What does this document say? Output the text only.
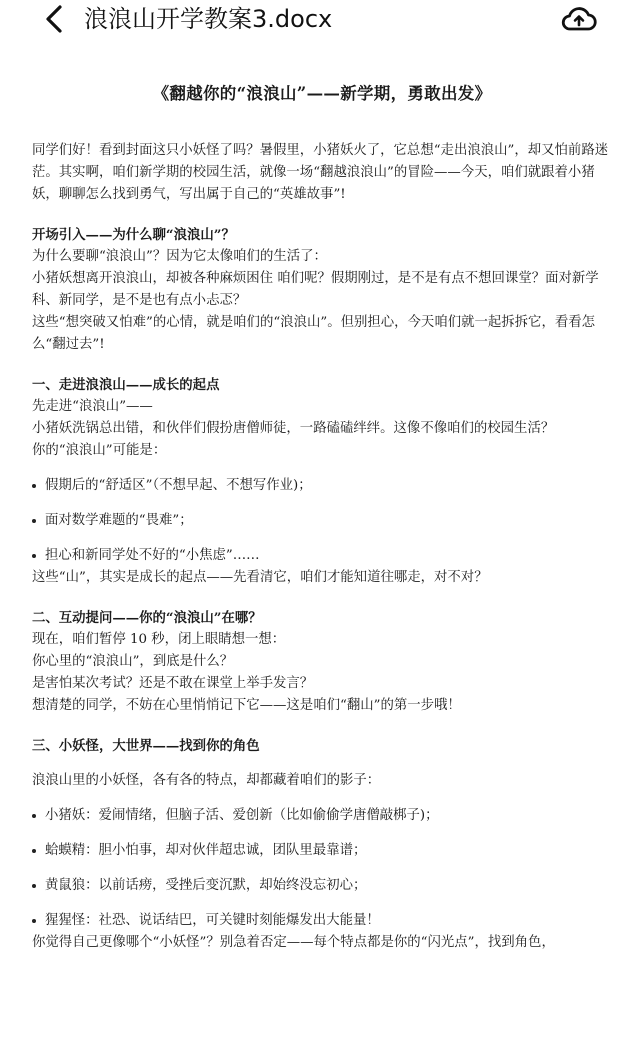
浪浪山开学教案3.docx
《翻越你的“浪浪山”——新学期，勇敢出发》

同学们好！看到封面这只小妖怪了吗？暑假里，小猪妖火了，它总想“走出浪浪山”，却又怕前路迷茫。其实啊，咱们新学期的校园生活，就像一场“翻越浪浪山”的冒险——今天，咱们就跟着小猪妖，聊聊怎么找到勇气，写出属于自己的“英雄故事”!

开场引入——为什么聊“浪浪山”？

为什么要聊“浪浪山”？因为它太像咱们的生活了：

小猪妖想离开浪浪山，却被各种麻烦困住 咱们呢？假期刚过，是不是有点不想回课堂？面对新学科、新同学，是不是也有点小忐忑？

这些“想突破又怕难”的心情，就是咱们的“浪浪山”。但别担心，今天咱们就一起拆拆它，看看怎么“翻过去”!

一、走进浪浪山——成长的起点

先走进“浪浪山”——

小猪妖洗锅总出错，和伙伴们假扮唐僧师徒，一路磕磕绊绊。这像不像咱们的校园生活？

你的“浪浪山”可能是：

假期后的“舒适区”（不想早起、不想写作业)；

面对数学难题的“畏难”；

担心和新同学处不好的“小焦虑”……

这些“山”，其实是成长的起点——先看清它，咱们才能知道往哪走，对不对？

二、互动提问——你的“浪浪山”在哪？

现在，咱们暂停 10 秒，闭上眼睛想一想：

你心里的“浪浪山”，到底是什么？

是害怕某次考试？还是不敢在课堂上举手发言？

想清楚的同学，不妨在心里悄悄记下它——这是咱们“翻山”的第一步哦！

三、小妖怪，大世界——找到你的角色

浪浪山里的小妖怪，各有各的特点，却都藏着咱们的影子：

小猪妖：爱闹情绪，但脑子活、爱创新（比如偷偷学唐僧敲梆子)；

蛤蟆精：胆小怕事，却对伙伴超忠诚，团队里最靠谱；

黄鼠狼：以前话痨，受挫后变沉默，却始终没忘初心；

猩猩怪：社恐、说话结巴，可关键时刻能爆发出大能量！

你觉得自己更像哪个“小妖怪”？别急着否定——每个特点都是你的“闪光点”，找到角色，
